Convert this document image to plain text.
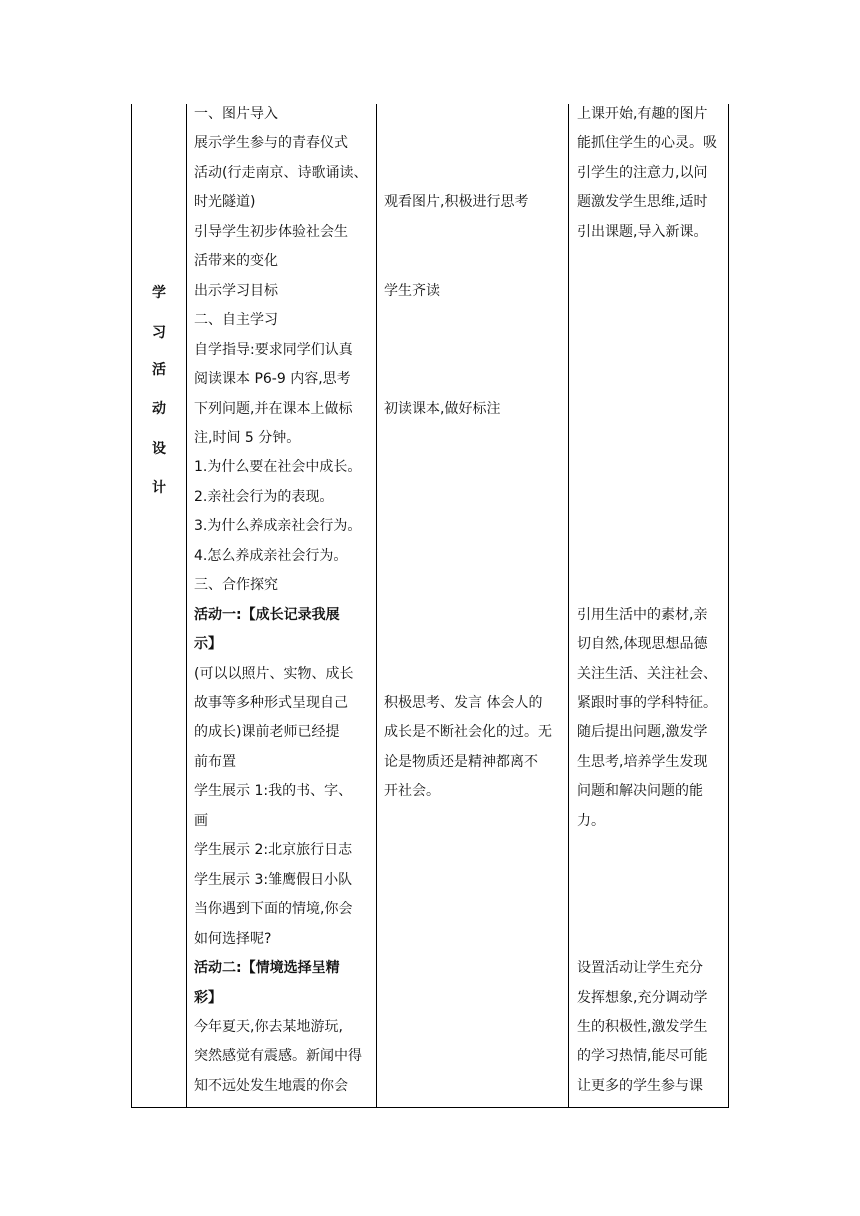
学
习
活
动
设
计
一、图片导入
展示学生参与的青春仪式
活动(行走南京、诗歌诵读、
时光隧道)
引导学生初步体验社会生
活带来的变化
出示学习目标
二、自主学习
自学指导:要求同学们认真
阅读课本 P6-9 内容,思考
下列问题,并在课本上做标
注,时间 5 分钟。
1.为什么要在社会中成长。
2.亲社会行为的表现。
3.为什么养成亲社会行为。
4.怎么养成亲社会行为。
三、合作探究
活动一:【成长记录我展
示】
(可以以照片、实物、成长
故事等多种形式呈现自己
的成长)课前老师已经提
前布置
学生展示 1:我的书、字、
画
学生展示 2:北京旅行日志
学生展示 3:雏鹰假日小队
当你遇到下面的情境,你会
如何选择呢?
活动二:【情境选择呈精
彩】
今年夏天,你去某地游玩,
突然感觉有震感。新闻中得
知不远处发生地震的你会
观看图片,积极进行思考
学生齐读
初读课本,做好标注
积极思考、发言 体会人的
成长是不断社会化的过。无
论是物质还是精神都离不
开社会。
上课开始,有趣的图片
能抓住学生的心灵。吸
引学生的注意力,以问
题激发学生思维,适时
引出课题,导入新课。
引用生活中的素材,亲
切自然,体现思想品德
关注生活、关注社会、
紧跟时事的学科特征。
随后提出问题,激发学
生思考,培养学生发现
问题和解决问题的能
力。
设置活动让学生充分
发挥想象,充分调动学
生的积极性,激发学生
的学习热情,能尽可能
让更多的学生参与课
